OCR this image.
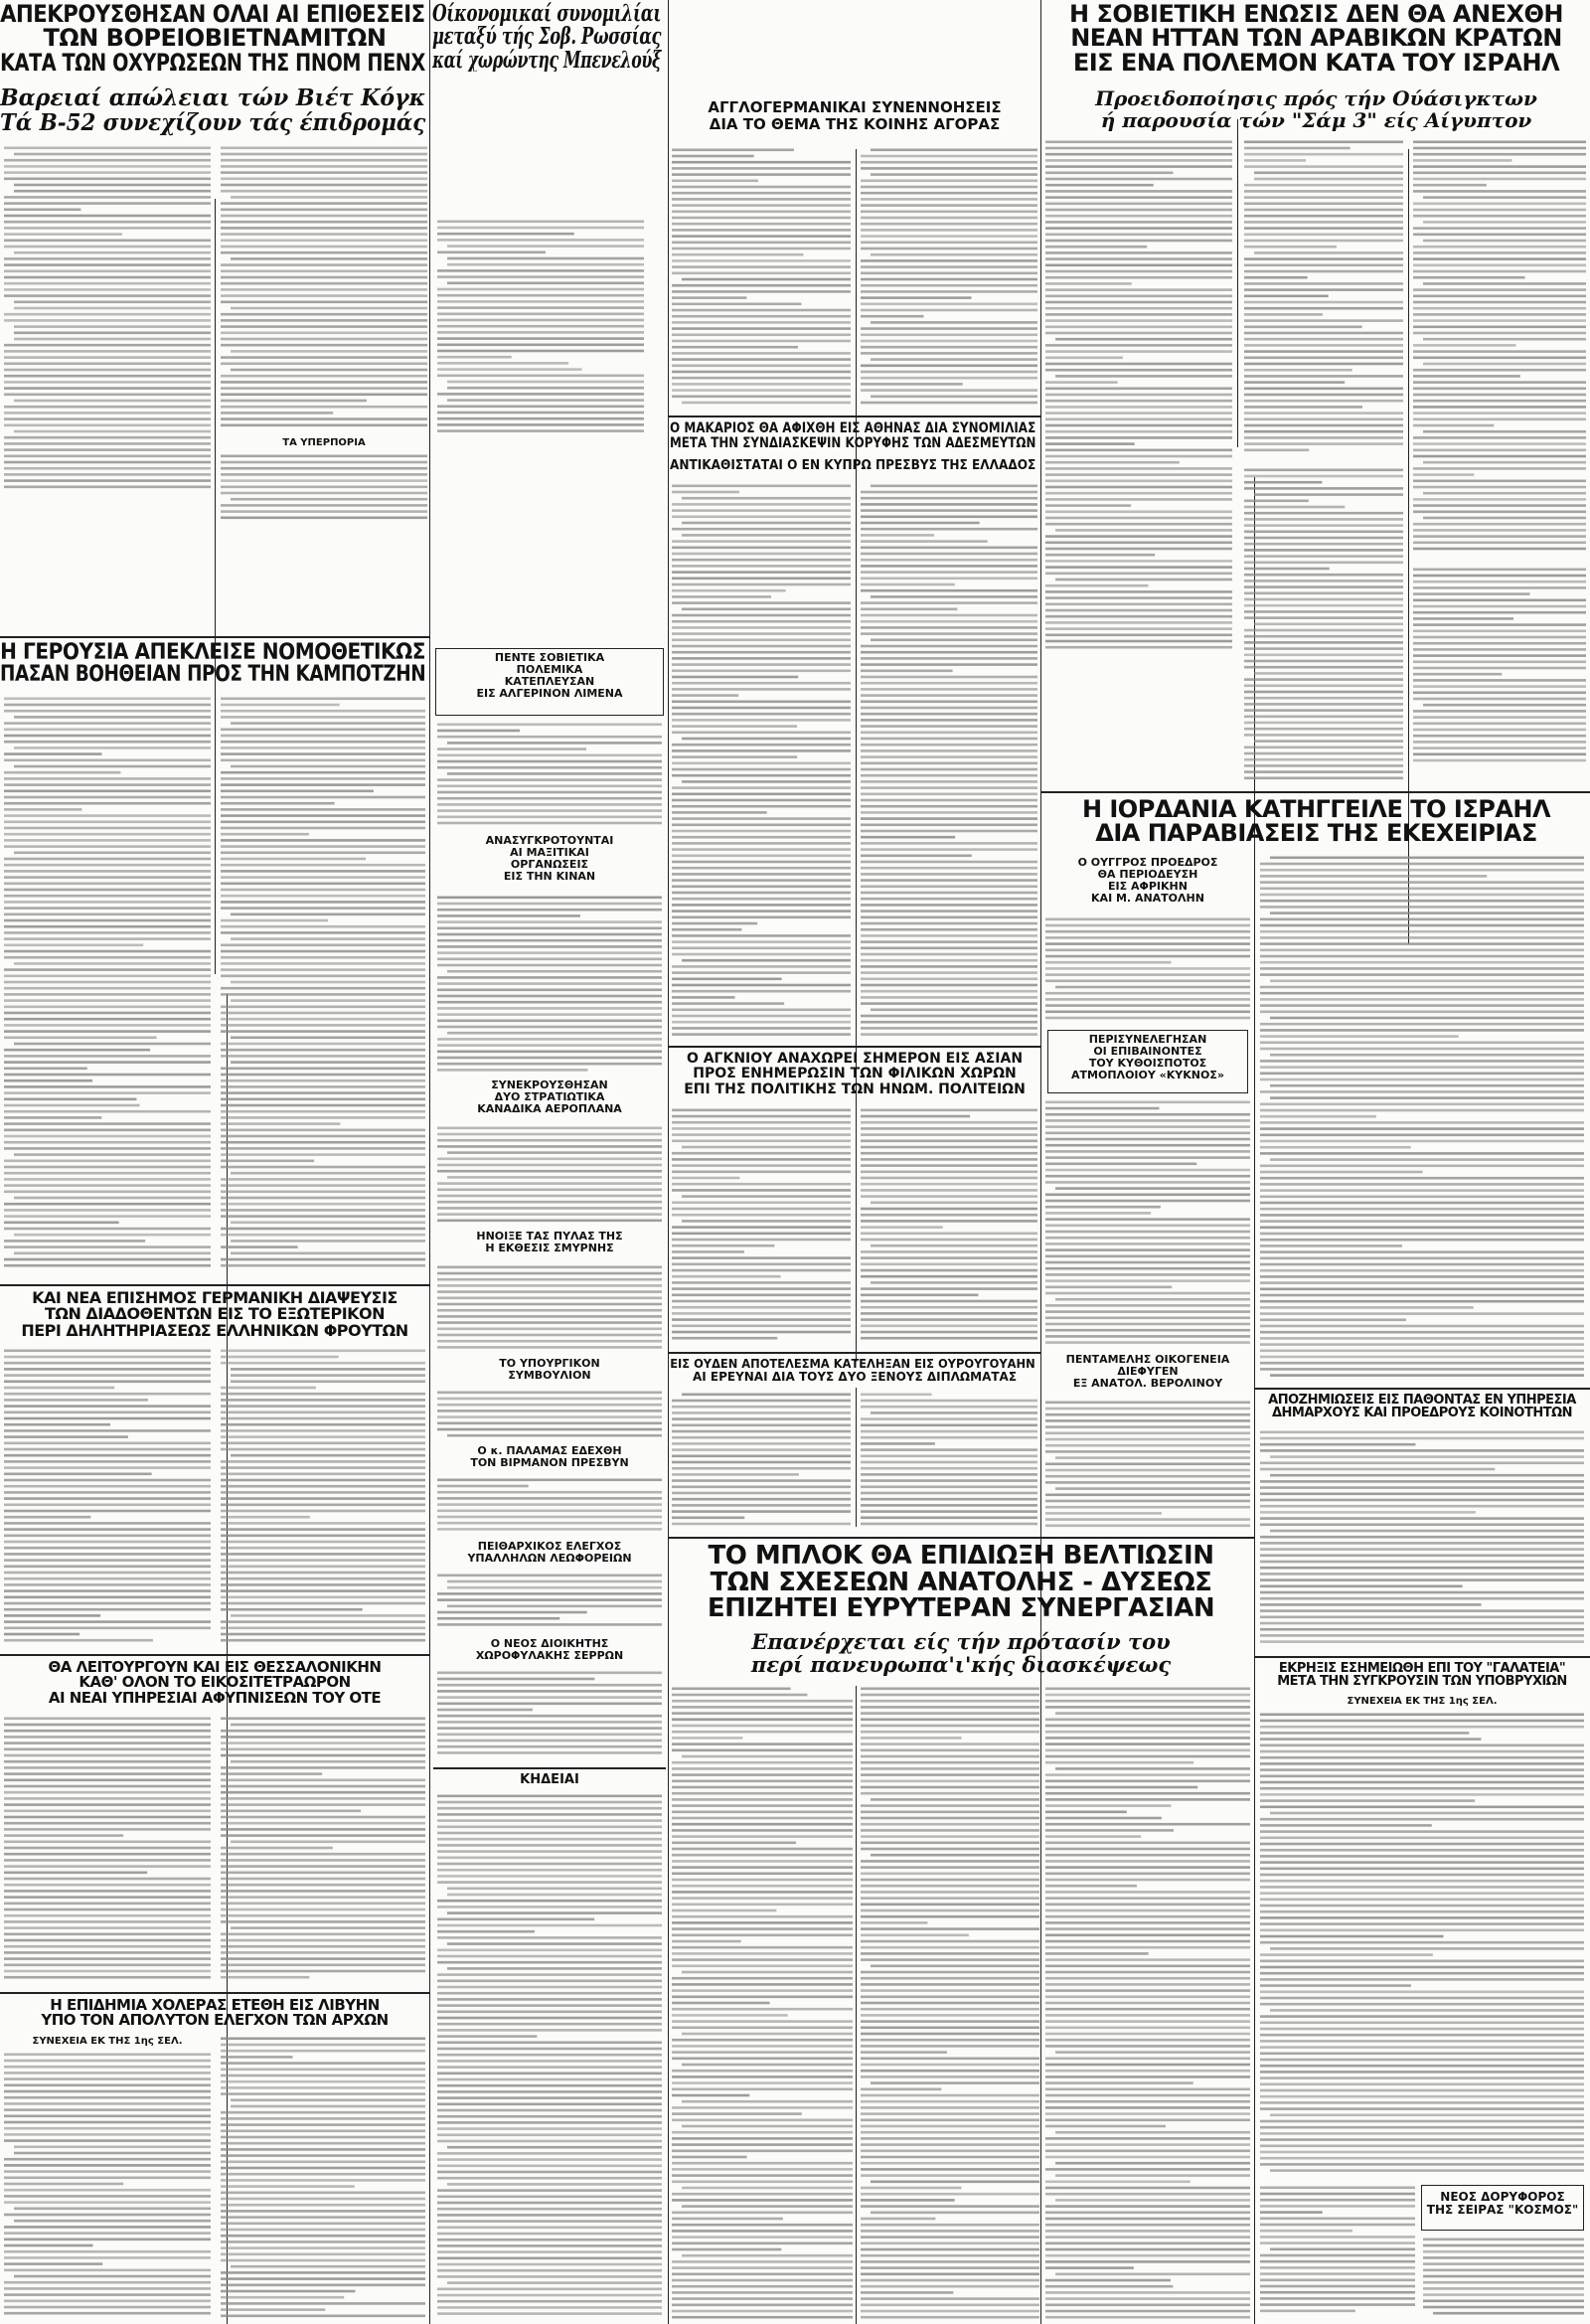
ΑΠΕΚΡΟΥΣΘΗΣΑΝ ΟΛΑΙ ΑΙ ΕΠΙΘΕΣΕΙΣ
ΤΩΝ ΒΟΡΕΙΟΒΙΕΤΝΑΜΙΤΩΝ
ΚΑΤΑ ΤΩΝ ΟΧΥΡΩΣΕΩΝ ΤΗΣ ΠΝΟΜ ΠΕΝΧ
Βαρειαί απώλειαι τών Βιέτ Κόγκ
Τά Β-52 συνεχίζουν τάς έπιδρομάς
ΤΑ ΥΠΕΡΠΟΡΙΑ
Οίκονομικαί συνομιλίαι
μεταξύ τής Σοβ. Ρωσσίας
καί χωρώντης Μπενελούξ
ΑΓΓΛΟΓΕΡΜΑΝΙΚΑΙ ΣΥΝΕΝΝΟΗΣΕΙΣ
ΔΙΑ ΤΟ ΘΕΜΑ ΤΗΣ ΚΟΙΝΗΣ ΑΓΟΡΑΣ
Η ΣΟΒΙΕΤΙΚΗ ΕΝΩΣΙΣ ΔΕΝ ΘΑ ΑΝΕΧΘΗ
ΝΕΑΝ ΗΤΤΑΝ ΤΩΝ ΑΡΑΒΙΚΩΝ ΚΡΑΤΩΝ
ΕΙΣ ΕΝΑ ΠΟΛΕΜΟΝ ΚΑΤΑ ΤΟΥ ΙΣΡΑΗΛ
Προειδοποίησις πρός τήν Ούάσιγκτων
ή παρουσία τών "Σάμ 3" είς Αίγυπτον
Ο ΜΑΚΑΡΙΟΣ ΘΑ ΑΦΙΧΘΗ ΕΙΣ ΑΘΗΝΑΣ ΔΙΑ ΣΥΝΟΜΙΛΙΑΣ
ΜΕΤΑ ΤΗΝ ΣΥΝΔΙΑΣΚΕΨΙΝ ΚΟΡΥΦΗΣ ΤΩΝ ΑΔΕΣΜΕΥΤΩΝ
ΑΝΤΙΚΑΘΙΣΤΑΤΑΙ Ο ΕΝ ΚΥΠΡΩ ΠΡΕΣΒΥΣ ΤΗΣ ΕΛΛΑΔΟΣ
Η ΓΕΡΟΥΣΙΑ ΑΠΕΚΛΕΙΣΕ ΝΟΜΟΘΕΤΙΚΩΣ
ΠΑΣΑΝ ΒΟΗΘΕΙΑΝ ΠΡΟΣ ΤΗΝ ΚΑΜΠΟΤΖΗΝ
ΠΕΝΤΕ ΣΟΒΙΕΤΙΚΑ
ΠΟΛΕΜΙΚΑ
ΚΑΤΕΠΛΕΥΣΑΝ
ΕΙΣ ΑΛΓΕΡΙΝΟΝ ΛΙΜΕΝΑ
ΑΝΑΣΥΓΚΡΟΤΟΥΝΤΑΙ
ΑΙ ΜΑΞΙΤΙΚΑΙ
ΟΡΓΑΝΩΣΕΙΣ
ΕΙΣ ΤΗΝ ΚΙΝΑΝ
ΣΥΝΕΚΡΟΥΣΘΗΣΑΝ
ΔΥΟ ΣΤΡΑΤΙΩΤΙΚΑ
ΚΑΝΑΔΙΚΑ ΑΕΡΟΠΛΑΝΑ
ΗΝΟΙΞΕ ΤΑΣ ΠΥΛΑΣ ΤΗΣ
Η ΕΚΘΕΣΙΣ ΣΜΥΡΝΗΣ
ΤΟ ΥΠΟΥΡΓΙΚΟΝ
ΣΥΜΒΟΥΛΙΟΝ
Ο κ. ΠΑΛΑΜΑΣ ΕΔΕΧΘΗ
ΤΟΝ ΒΙΡΜΑΝΟΝ ΠΡΕΣΒΥΝ
ΠΕΙΘΑΡΧΙΚΟΣ ΕΛΕΓΧΟΣ
ΥΠΑΛΛΗΛΩΝ ΛΕΩΦΟΡΕΙΩΝ
Ο ΝΕΟΣ ΔΙΟΙΚΗΤΗΣ
ΧΩΡΟΦΥΛΑΚΗΣ ΣΕΡΡΩΝ
ΚΗΔΕΙΑΙ
ΚΑΙ ΝΕΑ ΕΠΙΣΗΜΟΣ ΓΕΡΜΑΝΙΚΗ ΔΙΑΨΕΥΣΙΣ
ΤΩΝ ΔΙΑΔΟΘΕΝΤΩΝ ΕΙΣ ΤΟ ΕΞΩΤΕΡΙΚΟΝ
ΠΕΡΙ ΔΗΛΗΤΗΡΙΑΣΕΩΣ ΕΛΛΗΝΙΚΩΝ ΦΡΟΥΤΩΝ
ΘΑ ΛΕΙΤΟΥΡΓΟΥΝ ΚΑΙ ΕΙΣ ΘΕΣΣΑΛΟΝΙΚΗΝ
ΚΑΘ' ΟΛΟΝ ΤΟ ΕΙΚΟΣΙΤΕΤΡΑΩΡΟΝ
ΑΙ ΝΕΑΙ ΥΠΗΡΕΣΙΑΙ ΑΦΥΠΝΙΣΕΩΝ ΤΟΥ ΟΤΕ
Η ΕΠΙΔΗΜΙΑ ΧΟΛΕΡΑΣ ΕΤΕΘΗ ΕΙΣ ΛΙΒΥΗΝ
ΥΠΟ ΤΟΝ ΑΠΟΛΥΤΟΝ ΕΛΕΓΧΟΝ ΤΩΝ ΑΡΧΩΝ
ΣΥΝΕΧΕΙΑ ΕΚ ΤΗΣ 1ης ΣΕΛ.
Ο ΑΓΚΝΙΟΥ ΑΝΑΧΩΡΕΙ ΣΗΜΕΡΟΝ ΕΙΣ ΑΣΙΑΝ
ΠΡΟΣ ΕΝΗΜΕΡΩΣΙΝ ΤΩΝ ΦΙΛΙΚΩΝ ΧΩΡΩΝ
ΕΠΙ ΤΗΣ ΠΟΛΙΤΙΚΗΣ ΤΩΝ ΗΝΩΜ. ΠΟΛΙΤΕΙΩΝ
ΕΙΣ ΟΥΔΕΝ ΑΠΟΤΕΛΕΣΜΑ ΚΑΤΕΛΗΞΑΝ ΕΙΣ ΟΥΡΟΥΓΟΥΑΗΝ
ΑΙ ΕΡΕΥΝΑΙ ΔΙΑ ΤΟΥΣ ΔΥΟ ΞΕΝΟΥΣ ΔΙΠΛΩΜΑΤΑΣ
ΤΟ ΜΠΛΟΚ ΘΑ ΕΠΙΔΙΩΞΗ ΒΕΛΤΙΩΣΙΝ
ΤΩΝ ΣΧΕΣΕΩΝ ΑΝΑΤΟΛΗΣ - ΔΥΣΕΩΣ
ΕΠΙΖΗΤΕΙ ΕΥΡΥΤΕΡΑΝ ΣΥΝΕΡΓΑΣΙΑΝ
Επανέρχεται είς τήν πρότασίν του
περί πανευρωπα'ι'κής διασκέψεως
Η ΙΟΡΔΑΝΙΑ ΚΑΤΗΓΓΕΙΛΕ ΤΟ ΙΣΡΑΗΛ
ΔΙΑ ΠΑΡΑΒΙΑΣΕΙΣ ΤΗΣ ΕΚΕΧΕΙΡΙΑΣ
Ο ΟΥΓΓΡΟΣ ΠΡΟΕΔΡΟΣ
ΘΑ ΠΕΡΙΟΔΕΥΣΗ
ΕΙΣ ΑΦΡΙΚΗΝ
ΚΑΙ Μ. ΑΝΑΤΟΛΗΝ
ΠΕΡΙΣΥΝΕΛΕΓΗΣΑΝ
ΟΙ ΕΠΙΒΑΙΝΟΝΤΕΣ
ΤΟΥ ΚΥΘΟΙΣΠΟΤΟΣ
ΑΤΜΟΠΛΟΙΟΥ «ΚΥΚΝΟΣ»
ΠΕΝΤΑΜΕΛΗΣ ΟΙΚΟΓΕΝΕΙΑ
ΔΙΕΦΥΓΕΝ
ΕΞ ΑΝΑΤΟΛ. ΒΕΡΟΛΙΝΟΥ
ΑΠΟΖΗΜΙΩΣΕΙΣ ΕΙΣ ΠΑΘΟΝΤΑΣ ΕΝ ΥΠΗΡΕΣΙΑ
ΔΗΜΑΡΧΟΥΣ ΚΑΙ ΠΡΟΕΔΡΟΥΣ ΚΟΙΝΟΤΗΤΩΝ
ΕΚΡΗΞΙΣ ΕΣΗΜΕΙΩΘΗ ΕΠΙ ΤΟΥ "ΓΑΛΑΤΕΙΑ"
ΜΕΤΑ ΤΗΝ ΣΥΓΚΡΟΥΣΙΝ ΤΩΝ ΥΠΟΒΡΥΧΙΩΝ
ΣΥΝΕΧΕΙΑ ΕΚ ΤΗΣ 1ης ΣΕΛ.
ΝΕΟΣ ΔΟΡΥΦΟΡΟΣ
ΤΗΣ ΣΕΙΡΑΣ "ΚΟΣΜΟΣ"
